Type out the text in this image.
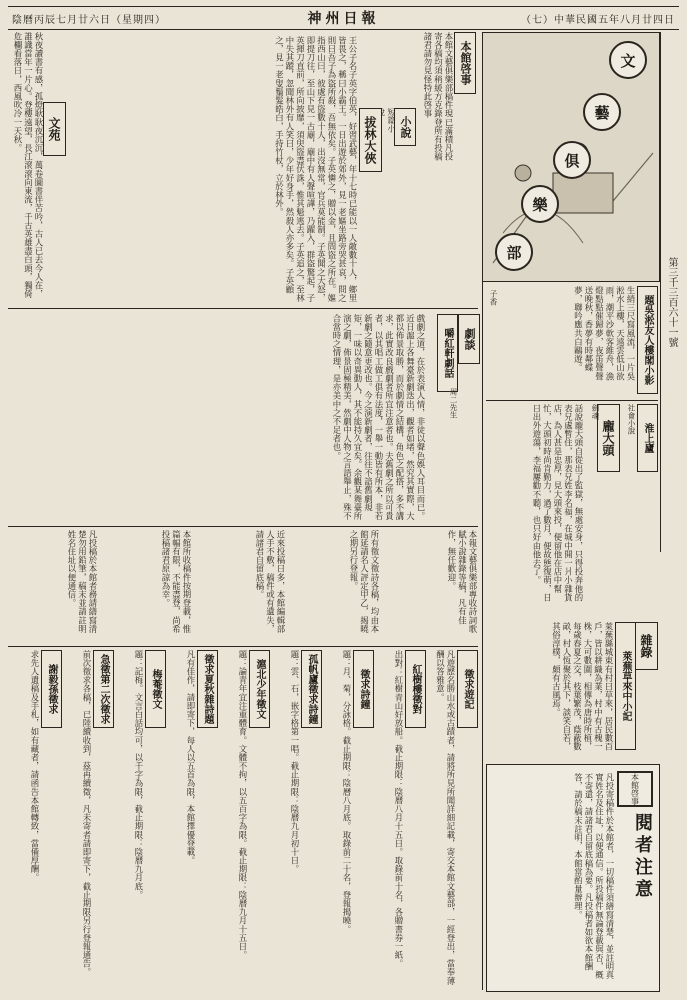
陰曆丙辰七月廿六日（星期四）	神州日報	（七）中華民國五年八月廿四日
第三千三百六十一號
文
藝
俱
樂
部
本館啓事
本館文藝俱樂部稿件現已滿積凡投寄各稿均須稍緩方克錄登所有投稿諸君請勿見怪特此啓事
小說
短篇小
拔林大俠
王公子名子英字伯英，好習武藝，年十七時已能以一人敵數十人，鄉里皆畏之，稱曰小霸王。一日出遊於郊外，見一老嫗坐路旁哭甚哀，問之則曰吾子為盜所殺，吾無依矣。子英憐之，贈以金，且問盜之所在。嫗指西山曰，彼處有盜數十人，出沒無常，官兵莫能制。子英聞之大怒，即提刀往，至山下見一古廟，廟中有人聲喧譁，乃躍入，群盜驚起，子英揮刀直前，所向披靡，須臾盜盡伏誅，惟其魁逃去。子英追之，至林中失其蹤，忽聞林外有人笑曰，少年好身手，然殺人亦多矣。子英顧之，見一老叟鬚髮皓白，手持竹杖，立於林外。
文苑
秋夜讀書有感，孤燈耿耿夜沉沉，萬卷圖書伴苦吟，古人已去今人在，誰識當年一片心。登樓遠望，長江滾滾向東流，千古英雄盡白頭，獨倚危欄看落日，西風吹冷一天秋。
劇談
嚼紅軒劇話
周二先生
戲劇之道，在於表演人情，非徒以聲色娛人耳目而已。近日滬上各舞臺新劇迭出，觀者如堵，然究其實際，大都以佈景取勝，而於劇情之結構，角色之配搭，多不講求，此實改良戲劇者所宜注意者也。夫舊劇之所以可貴者，以其唱工做工俱有法度，一舉一動皆有所本，非若新劇之隨意更改也。今之演新劇者，往往不諳舊劇規矩，一味以奇異動人，其不能持久宜矣。余觀某舞臺所演之劇，佈景固極精美，然劇中人物之言語舉止，殊不合當時之情理，是亦美中之不足者也。	題吳淞友人樓閣小影
生綃三尺寫風流，一片吳淞水上樓，天遠雲低山欲雨，潮平沙軟客維舟，漁燈點點催歸夢，夜笛聲聲送晚秋，香夢有時鄰蝶夢，聯吟應共白鷗遊。
子香
淮上廬
社會小說
龐大頭
劍魂
話說龐大頭自從出了監獄，無處安身，只得投奔他的表兄處暫住，那表兄姓李名福，在城中開一爿小雜貨店，為人甚是忠厚，見大頭來投，便留他在店中幫忙，大頭初時尚肯勤力，過了數月，便故態復萌，日日出外遊蕩，李福屢勸不聽，也只好由他去了。
凡投稿於本館者務請繕寫清楚勿用鉛筆，稿末並請註明姓名住址以便通信。	本館所收稿件按期登載，惟篇幅有限，不能盡登，尚希投稿諸君原諒為幸。	近來投稿日多，本館編輯部人手不敷，稿件或有遺失，請諸君自留底稿。	所有徵文徵詩各稿，均由本館延請名人評定甲乙，揭曉之期另行登報。	本報文藝俱樂部專收詩詞歌賦小說雜錄等稿，凡有佳作，無任歡迎。
雜錄
萊蕪草來中小記
萊蕪縣城東有村曰草來，居民數百戶，皆以耕織為業，村中有古槐一株，大可數圍，相傳為唐時所植，每歲春夏之交，枝葉繁茂，蔭蔽數畝，村人恆聚於其下，談笑自若，其俗淳樸，頗有古風焉。
徵求遊記
凡遊歷名勝山水或古蹟者，請將所見所聞詳細記載，寄交本館文藝部，一經登出，當奉薄酬以答雅意。
紅樹樓徵對
出對：紅樹青山好放船。截止期限：陰曆八月十五日。取錄前十名，各贈書券一紙。
徵求詩鐘
題：月、菊，分詠格。截止期限：陰曆八月底。取錄前二十名，登報揭曉。
孤帆廬徵求詩鐘
題：雲、石，嵌字格第一唱。截止期限：陰曆九月初十日。
滬北少年徵文
題：論青年宜注重體育。文體不拘，以五百字為限。截止期限：陰曆九月十五日。
徵求夏秋雜詩題
凡有佳作，請即寄下，每人以五首為限，本館擇優登載。
梅菴徵文
題：記梅。文言白話均可，以千字為限，截止期限：陰曆九月底。
急徵第二次徵求
前次徵求各稿，已陸續收到，茲再續徵，凡未寄者請即寄下，截止期限另行登報通告。
謝毅孫徵求
求先人遺稿及手札，如有藏者，請函告本館轉致，當備厚酬。	本館啓事
閱者注意
凡投寄稿件於本館者，一切稿件須繕寫清楚，並註明真實姓名及住址，以便通信。所投稿件無論登載與否，概不寄還，請諸君自留底稿為要。凡投稿者如欲本館酬答，請於稿末註明，本館當酌量辦理。
